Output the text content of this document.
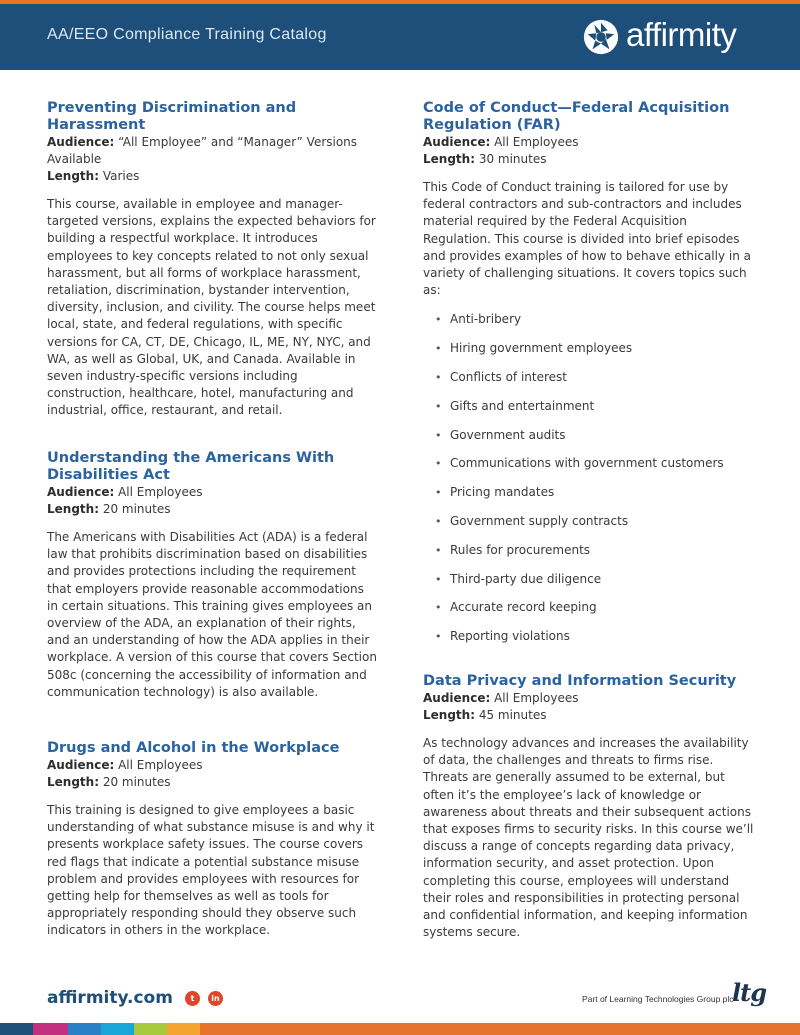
AA/EEO Compliance Training Catalog	affirmity
Preventing Discrimination and Harassment
Audience: “All Employee” and “Manager” Versions Available
Length: Varies
This course, available in employee and manager-targeted versions, explains the expected behaviors for building a respectful workplace. It introduces employees to key concepts related to not only sexual harassment, but all forms of workplace harassment, retaliation, discrimination, bystander intervention, diversity, inclusion, and civility. The course helps meet local, state, and federal regulations, with specific versions for CA, CT, DE, Chicago, IL, ME, NY, NYC, and WA, as well as Global, UK, and Canada. Available in seven industry-specific versions including construction, healthcare, hotel, manufacturing and industrial, office, restaurant, and retail.
Understanding the Americans With Disabilities Act
Audience: All Employees
Length: 20 minutes
The Americans with Disabilities Act (ADA) is a federal law that prohibits discrimination based on disabilities and provides protections including the requirement that employers provide reasonable accommodations in certain situations. This training gives employees an overview of the ADA, an explanation of their rights, and an understanding of how the ADA applies in their workplace. A version of this course that covers Section 508c (concerning the accessibility of information and communication technology) is also available.
Drugs and Alcohol in the Workplace
Audience: All Employees
Length: 20 minutes
This training is designed to give employees a basic understanding of what substance misuse is and why it presents workplace safety issues. The course covers red flags that indicate a potential substance misuse problem and provides employees with resources for getting help for themselves as well as tools for appropriately responding should they observe such indicators in others in the workplace.
Code of Conduct—Federal Acquisition Regulation (FAR)
Audience: All Employees
Length: 30 minutes
This Code of Conduct training is tailored for use by federal contractors and sub-contractors and includes material required by the Federal Acquisition Regulation. This course is divided into brief episodes and provides examples of how to behave ethically in a variety of challenging situations. It covers topics such as:
• Anti-bribery
• Hiring government employees
• Conflicts of interest
• Gifts and entertainment
• Government audits
• Communications with government customers
• Pricing mandates
• Government supply contracts
• Rules for procurements
• Third-party due diligence
• Accurate record keeping
• Reporting violations
Data Privacy and Information Security
Audience: All Employees
Length: 45 minutes
As technology advances and increases the availability of data, the challenges and threats to firms rise. Threats are generally assumed to be external, but often it’s the employee’s lack of knowledge or awareness about threats and their subsequent actions that exposes firms to security risks. In this course we’ll discuss a range of concepts regarding data privacy, information security, and asset protection. Upon completing this course, employees will understand their roles and responsibilities in protecting personal and confidential information, and keeping information systems secure.
affirmity.com	t	in	Part of Learning Technologies Group plc
ltg
